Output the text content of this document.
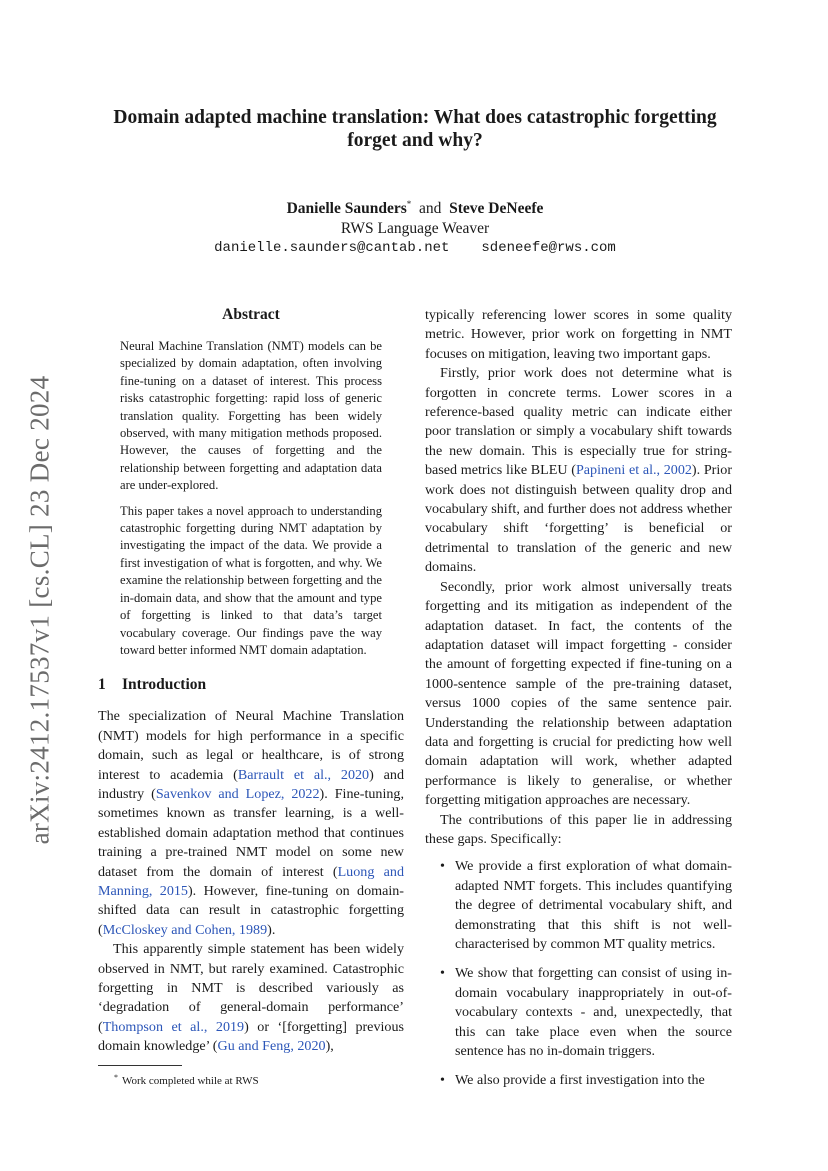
arXiv:2412.17537v1 [cs.CL] 23 Dec 2024
Domain adapted machine translation: What does catastrophic forgetting forget and why?
Danielle Saunders* and Steve DeNeefe
RWS Language Weaver
danielle.saunders@cantab.net sdeneefe@rws.com
Abstract

Neural Machine Translation (NMT) models can be specialized by domain adaptation, often involving fine-tuning on a dataset of interest. This process risks catastrophic forgetting: rapid loss of generic translation quality. Forgetting has been widely observed, with many mitigation methods proposed. However, the causes of forgetting and the relationship between forgetting and adaptation data are under-explored.

This paper takes a novel approach to understanding catastrophic forgetting during NMT adaptation by investigating the impact of the data. We provide a first investigation of what is forgotten, and why. We examine the relationship between forgetting and the in-domain data, and show that the amount and type of forgetting is linked to that data’s target vocabulary coverage. Our findings pave the way toward better informed NMT domain adaptation.

1 Introduction

The specialization of Neural Machine Translation (NMT) models for high performance in a specific domain, such as legal or healthcare, is of strong interest to academia (Barrault et al., 2020) and industry (Savenkov and Lopez, 2022). Fine-tuning, sometimes known as transfer learning, is a well-established domain adaptation method that continues training a pre-trained NMT model on some new dataset from the domain of interest (Luong and Manning, 2015). However, fine-tuning on domain-shifted data can result in catastrophic forgetting (McCloskey and Cohen, 1989).

This apparently simple statement has been widely observed in NMT, but rarely examined. Catastrophic forgetting in NMT is described variously as ‘degradation of general-domain performance’ (Thompson et al., 2019) or ‘[forgetting] previous domain knowledge’ (Gu and Feng, 2020),

* Work completed while at RWS

typically referencing lower scores in some quality metric. However, prior work on forgetting in NMT focuses on mitigation, leaving two important gaps.

Firstly, prior work does not determine what is forgotten in concrete terms. Lower scores in a reference-based quality metric can indicate either poor translation or simply a vocabulary shift towards the new domain. This is especially true for string-based metrics like BLEU (Papineni et al., 2002). Prior work does not distinguish between quality drop and vocabulary shift, and further does not address whether vocabulary shift ‘forgetting’ is beneficial or detrimental to translation of the generic and new domains.

Secondly, prior work almost universally treats forgetting and its mitigation as independent of the adaptation dataset. In fact, the contents of the adaptation dataset will impact forgetting - consider the amount of forgetting expected if fine-tuning on a 1000-sentence sample of the pre-training dataset, versus 1000 copies of the same sentence pair. Understanding the relationship between adaptation data and forgetting is crucial for predicting how well domain adaptation will work, whether adapted performance is likely to generalise, or whether forgetting mitigation approaches are necessary.

The contributions of this paper lie in addressing these gaps. Specifically:

• We provide a first exploration of what domain-adapted NMT forgets. This includes quantifying the degree of detrimental vocabulary shift, and demonstrating that this shift is not well-characterised by common MT quality metrics.
• We show that forgetting can consist of using in-domain vocabulary inappropriately in out-of-vocabulary contexts - and, unexpectedly, that this can take place even when the source sentence has no in-domain triggers.
• We also provide a first investigation into the
